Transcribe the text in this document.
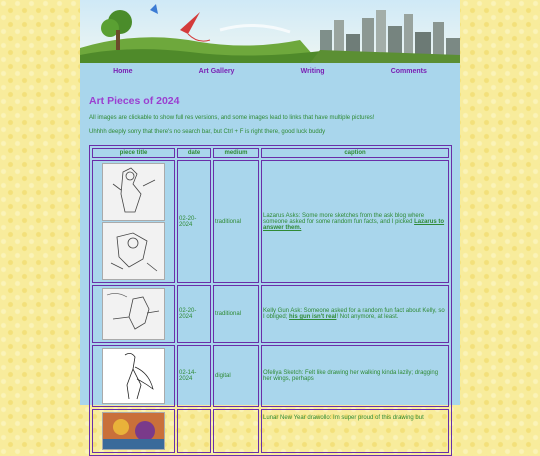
Home	Art Gallery	Writing	Comments
Art Pieces of 2024

All images are clickable to show full res versions, and some images lead to links that have multiple pictures!

Uhhhh deeply sorry that there's no search bar, but Ctrl + F is right there, good luck buddy

piece title	date	medium	caption

	02-20-2024	traditional	Lazarus Asks: Some more sketches from the ask blog where someone asked for some random fun facts, and I picked Lazarus to answer them.

	02-20-2024	traditional	Kelly Gun Ask: Someone asked for a random fun fact about Kelly, so I obliged; his gun isn't real! Not anymore, at least.

	02-14-2024	digital	Ofeliya Sketch: Felt like drawing her walking kinda lazily; dragging her wings, perhaps

			Lunar New Year drawollo: Im super proud of this drawing but
